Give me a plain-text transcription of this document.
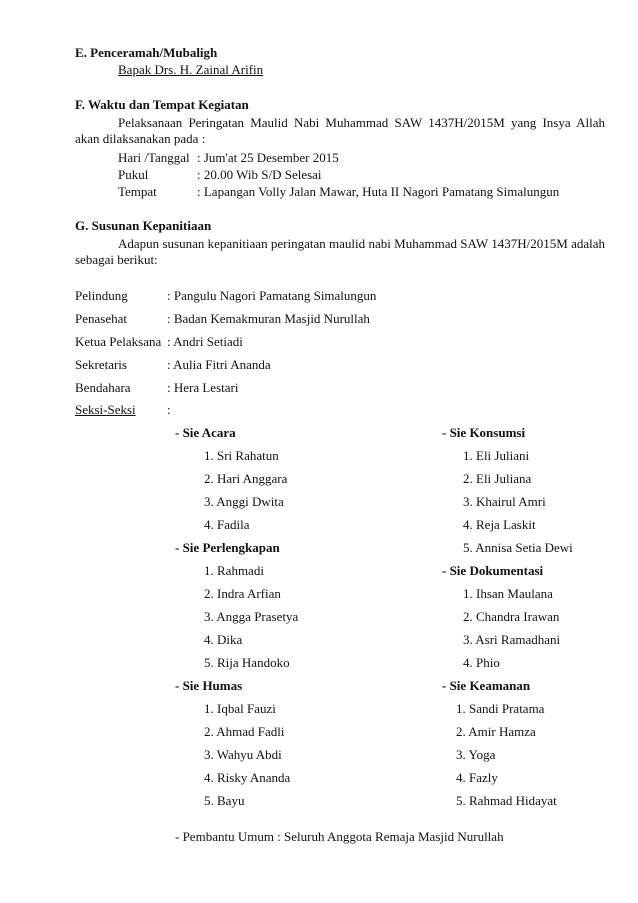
E. Penceramah/Mubaligh
Bapak Drs. H. Zainal Arifin
F. Waktu dan Tempat Kegiatan
Pelaksanaan Peringatan Maulid Nabi Muhammad SAW 1437H/2015M yang Insya Allah akan dilaksanakan pada :
Hari /Tanggal : Jum'at 25 Desember 2015
Pukul	: 20.00 Wib S/D Selesai
Tempat	: Lapangan Volly Jalan Mawar, Huta II Nagori Pamatang Simalungun
G. Susunan Kepanitiaan
Adapun susunan kepanitiaan peringatan maulid nabi Muhammad SAW 1437H/2015M adalah sebagai berikut:
Pelindung	: Pangulu Nagori Pamatang Simalungun
Penasehat	: Badan Kemakmuran Masjid Nurullah
Ketua Pelaksana : Andri Setiadi
Sekretaris	: Aulia Fitri Ananda
Bendahara	: Hera Lestari
Seksi-Seksi :
- Sie Acara
1. Sri Rahatun
2. Hari Anggara
3. Anggi Dwita
4. Fadila
- Sie Perlengkapan
1. Rahmadi
2. Indra Arfian
3. Angga Prasetya
4. Dika
5. Rija Handoko
- Sie Humas
1. Iqbal Fauzi
2. Ahmad Fadli
3. Wahyu Abdi
4. Risky Ananda
5. Bayu
- Sie Konsumsi
1. Eli Juliani
2. Eli Juliana
3. Khairul Amri
4. Reja Laskit
5. Annisa Setia Dewi
- Sie Dokumentasi
1. Ihsan Maulana
2. Chandra Irawan
3. Asri Ramadhani
4. Phio
- Sie Keamanan
1. Sandi Pratama
2. Amir Hamza
3. Yoga
4. Fazly
5. Rahmad Hidayat
- Pembantu Umum : Seluruh Anggota Remaja Masjid Nurullah
